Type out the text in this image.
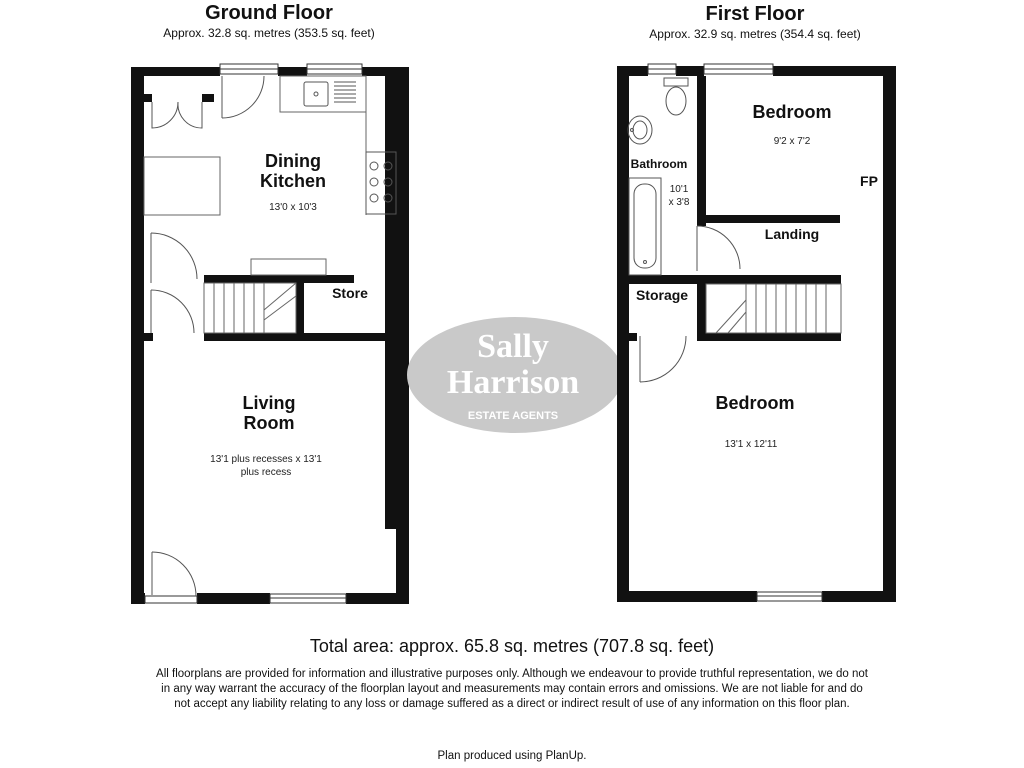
Ground Floor
Approx. 32.8 sq. metres (353.5 sq. feet)
Dining
Kitchen
13'0 x 10'3
Store
Living
Room
13'1 plus recesses x 13'1
plus recess
Sally
Harrison
ESTATE AGENTS
First Floor
Approx. 32.9 sq. metres (354.4 sq. feet)
Bedroom
9'2 x 7'2
FP
Bathroom
10'1
x 3'8
Landing
Storage
Bedroom
13'1 x 12'11
Total area: approx. 65.8 sq. metres (707.8 sq. feet)
All floorplans are provided for information and illustrative purposes only. Although we endeavour to provide truthful representation, we do not in any way warrant the accuracy of the floorplan layout and measurements may contain errors and omissions. We are not liable for and do not accept any liability relating to any loss or damage suffered as a direct or indirect result of use of any information on this floor plan.
Plan produced using PlanUp.
